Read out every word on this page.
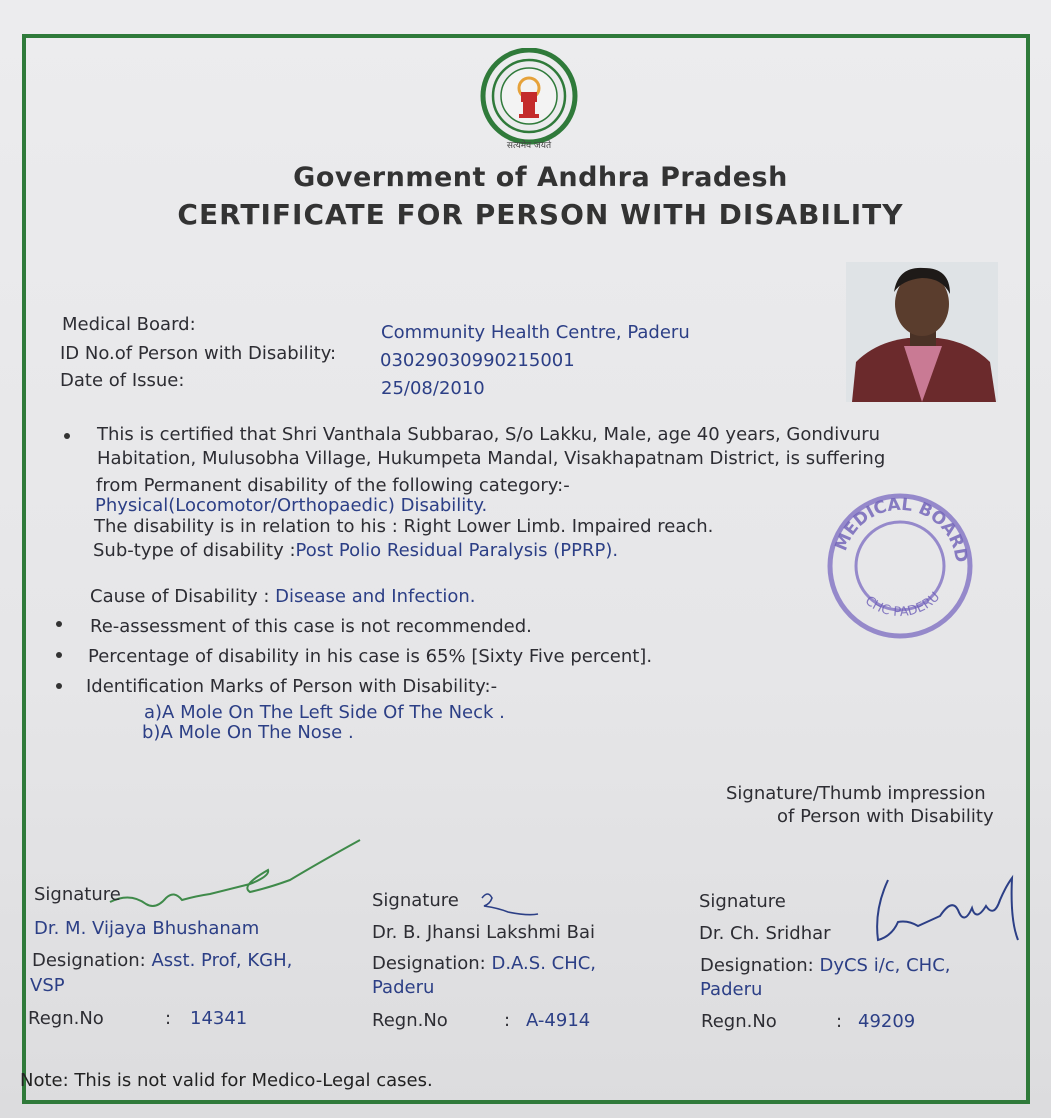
सत्यमेव जयते
Government of Andhra Pradesh
CERTIFICATE FOR PERSON WITH DISABILITY
Medical Board:	Community Health Centre, Paderu
ID No.of Person with Disability: 03029030990215001
Date of Issue:	25/08/2010
This is certified that Shri Vanthala Subbarao, S/o Lakku, Male, age 40 years, Gondivuru
Habitation, Mulusobha Village, Hukumpeta Mandal, Visakhapatnam District, is suffering
from Permanent disability of the following category:-
Physical(Locomotor/Orthopaedic) Disability.
The disability is in relation to his : Right Lower Limb. Impaired reach.
Sub-type of disability :Post Polio Residual Paralysis (PPRP).
Cause of Disability : Disease and Infection.
Re-assessment of this case is not recommended.
Percentage of disability in his case is 65% [Sixty Five percent].
Identification Marks of Person with Disability:-
a)A Mole On The Left Side Of The Neck .
b)A Mole On The Nose .
MEDICAL BOARD
CHC PADERU
Signature/Thumb impression
of Person with Disability
Signature
Dr. M. Vijaya Bhushanam
Designation: Asst. Prof, KGH,
VSP
Regn.No	: 14341
Signature
Dr. B. Jhansi Lakshmi Bai
Designation: D.A.S. CHC,
Paderu
Regn.No	: A-4914
Signature
Dr. Ch. Sridhar
Designation: DyCS i/c, CHC,
Paderu
Regn.No	: 49209
Note: This is not valid for Medico-Legal cases.
